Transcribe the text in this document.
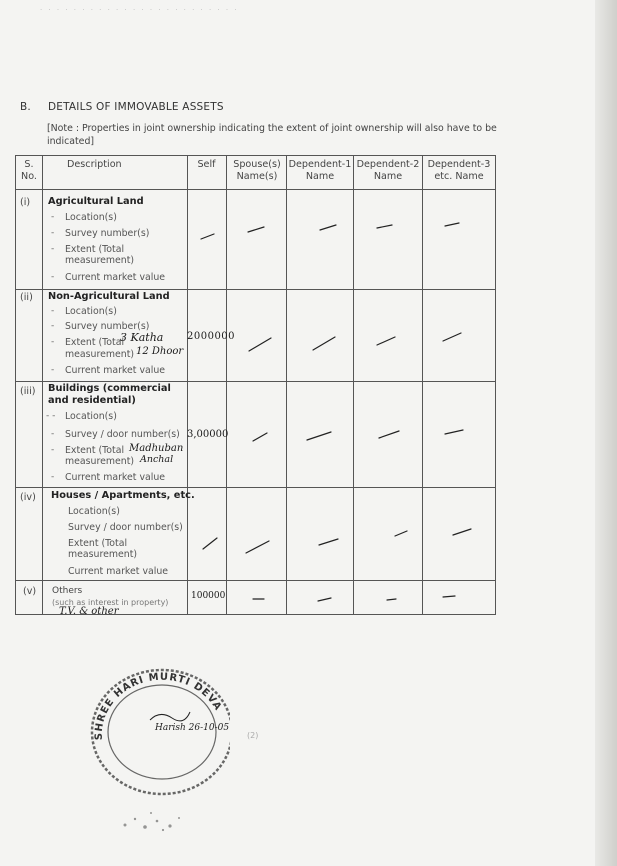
· · · · · · · · · · · · · · · · · · · · · · · ·
B. DETAILS OF IMMOVABLE ASSETS
[Note : Properties in joint ownership indicating the extent of joint ownership will also have to be indicated]
S. No.
Description	Self	Spouse(s) Name(s)
Dependent-1 Name
Dependent-2 Name
Dependent-3 etc. Name
(i) Agricultural Land
- Location(s)
- Survey number(s)
- Extent (Total
measurement)
- Current market value
(ii) Non-Agricultural Land
- Location(s)
- Survey number(s)
- Extent (Total
measurement)
- Current market value
3 Katha
12 Dhoor
2000000
(iii) Buildings (commercial
and residential)
- - Location(s)
- Survey / door number(s)
- Extent (Total
measurement)
- Current market value
Madhuban
Anchal
3,00000
(iv) Houses / Apartments, etc.
Location(s)
Survey / door number(s)
Extent (Total
measurement)
Current market value
(v) Others
(such as interest in property)
T.V. & other
100000
(2)
SHREE HARI MURTI DEVA
Harish 26-10-05
